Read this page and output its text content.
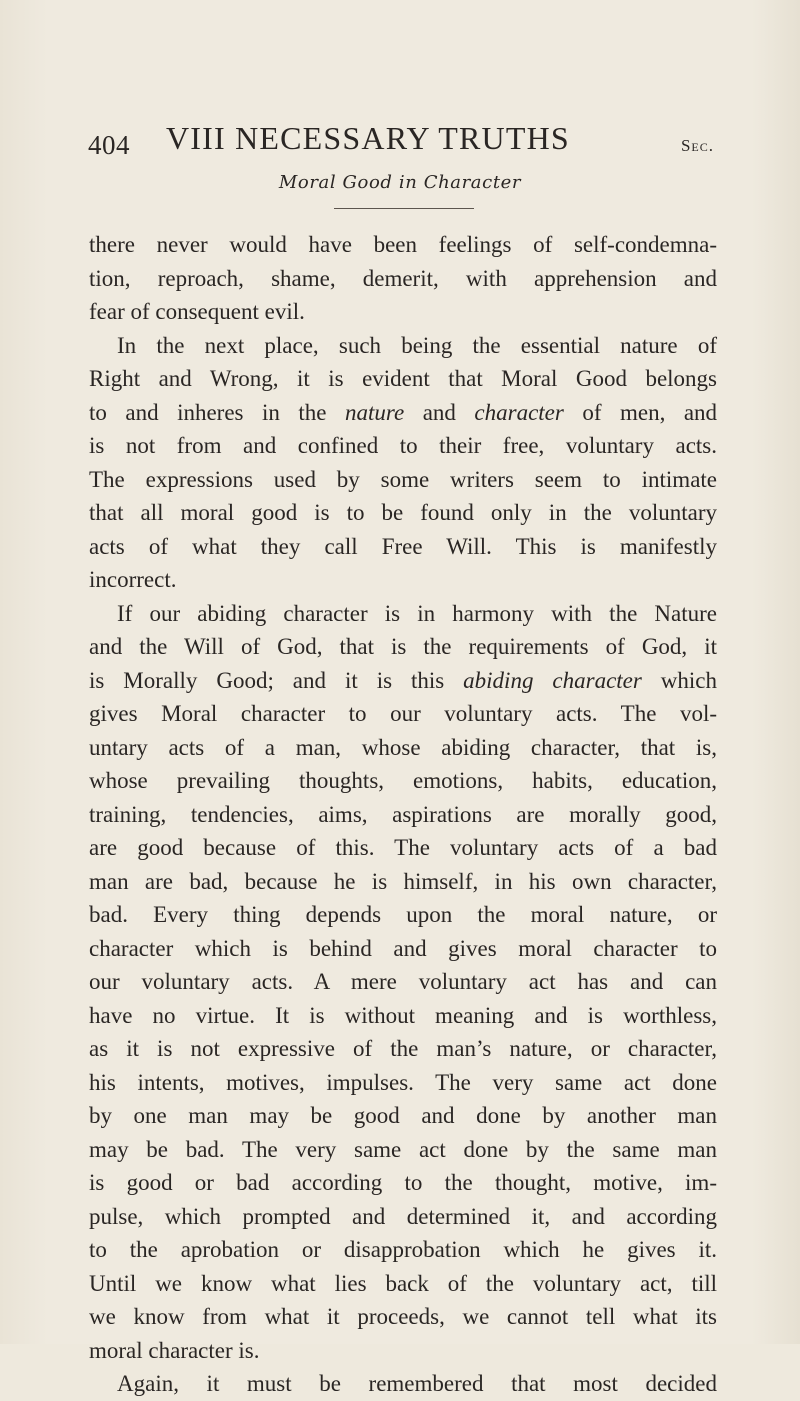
404 VIII NECESSARY TRUTHS	Sec.
Moral Good in Character
there never would have been feelings of self-condemna-
tion, reproach, shame, demerit, with apprehension and
fear of consequent evil.
In the next place, such being the essential nature of
Right and Wrong, it is evident that Moral Good belongs
to and inheres in the nature and character of men, and
is not from and confined to their free, voluntary acts.
The expressions used by some writers seem to intimate
that all moral good is to be found only in the voluntary
acts of what they call Free Will. This is manifestly
incorrect.
If our abiding character is in harmony with the Nature
and the Will of God, that is the requirements of God, it
is Morally Good; and it is this abiding character which
gives Moral character to our voluntary acts. The vol-
untary acts of a man, whose abiding character, that is,
whose prevailing thoughts, emotions, habits, education,
training, tendencies, aims, aspirations are morally good,
are good because of this. The voluntary acts of a bad
man are bad, because he is himself, in his own character,
bad. Every thing depends upon the moral nature, or
character which is behind and gives moral character to
our voluntary acts. A mere voluntary act has and can
have no virtue. It is without meaning and is worthless,
as it is not expressive of the man’s nature, or character,
his intents, motives, impulses. The very same act done
by one man may be good and done by another man
may be bad. The very same act done by the same man
is good or bad according to the thought, motive, im-
pulse, which prompted and determined it, and according
to the aprobation or disapprobation which he gives it.
Until we know what lies back of the voluntary act, till
we know from what it proceeds, we cannot tell what its
moral character is.
Again, it must be remembered that most decided
